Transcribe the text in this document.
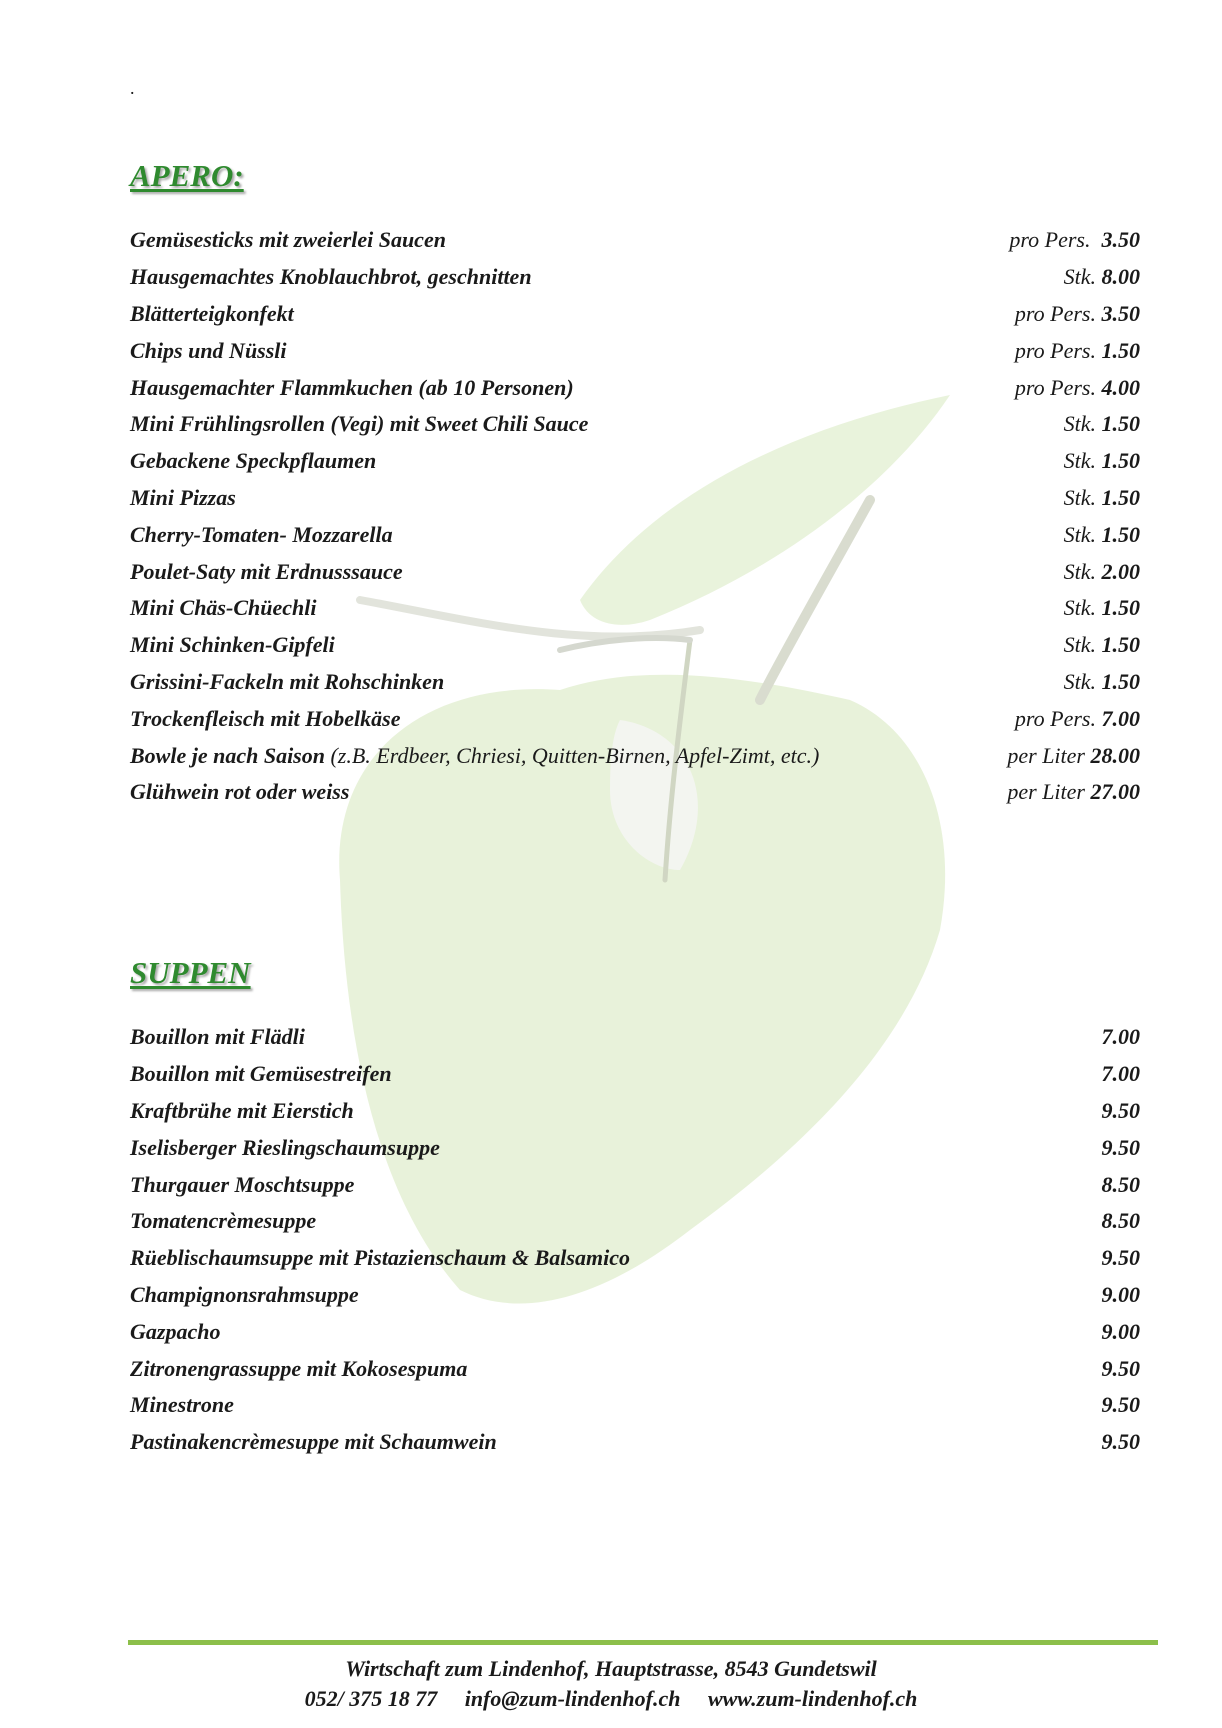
.
APERO:
Gemüsesticks mit zweierlei Saucen	pro Pers.  3.50
Hausgemachtes Knoblauchbrot, geschnitten	Stk. 8.00
Blätterteigkonfekt	pro Pers. 3.50
Chips und Nüssli	pro Pers. 1.50
Hausgemachter Flammkuchen (ab 10 Personen)	pro Pers. 4.00
Mini Frühlingsrollen (Vegi) mit Sweet Chili Sauce	Stk. 1.50
Gebackene Speckpflaumen	Stk. 1.50
Mini Pizzas	Stk. 1.50
Cherry-Tomaten- Mozzarella	Stk. 1.50
Poulet-Saty mit Erdnusssauce	Stk. 2.00
Mini Chäs-Chüechli	Stk. 1.50
Mini Schinken-Gipfeli	Stk. 1.50
Grissini-Fackeln mit Rohschinken	Stk. 1.50
Trockenfleisch mit Hobelkäse	pro Pers. 7.00
Bowle je nach Saison (z.B. Erdbeer, Chriesi, Quitten-Birnen, Apfel-Zimt, etc.)	per Liter 28.00
Glühwein rot oder weiss	per Liter 27.00
SUPPEN
Bouillon mit Flädli	7.00
Bouillon mit Gemüsestreifen	7.00
Kraftbrühe mit Eierstich	9.50
Iselisberger Rieslingschaumsuppe	9.50
Thurgauer Moschtsuppe	8.50
Tomatencrèmesuppe	8.50
Rüeblischaumsuppe mit Pistazienschaum & Balsamico	9.50
Champignonsrahmsuppe	9.00
Gazpacho	9.00
Zitronengrassuppe mit Kokosespuma	9.50
Minestrone	9.50
Pastinakencrèmesuppe mit Schaumwein	9.50
Wirtschaft zum Lindenhof, Hauptstrasse, 8543 Gundetswil
052/ 375 18 77     info@zum-lindenhof.ch     www.zum-lindenhof.ch
